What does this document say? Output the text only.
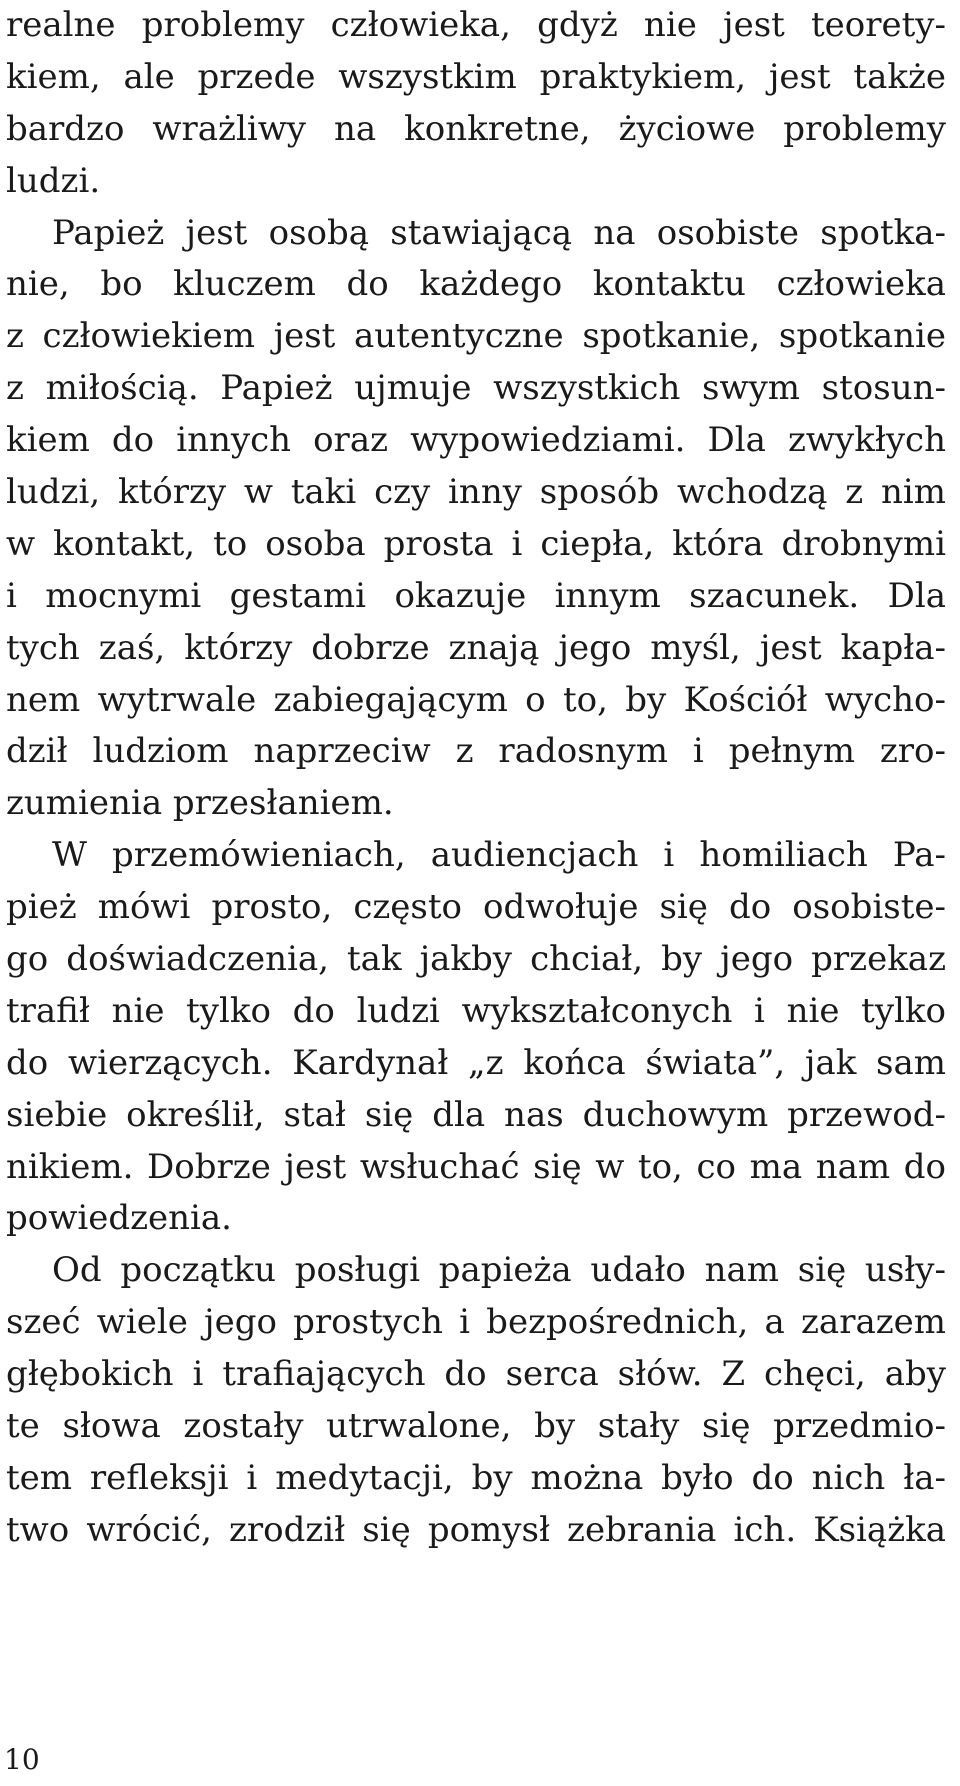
realne problemy człowieka, gdyż nie jest teorety-
kiem, ale przede wszystkim praktykiem, jest także
bardzo wrażliwy na konkretne, życiowe problemy
ludzi.
Papież jest osobą stawiającą na osobiste spotka-
nie, bo kluczem do każdego kontaktu człowieka
z człowiekiem jest autentyczne spotkanie, spotkanie
z miłością. Papież ujmuje wszystkich swym stosun-
kiem do innych oraz wypowiedziami. Dla zwykłych
ludzi, którzy w taki czy inny sposób wchodzą z nim
w kontakt, to osoba prosta i ciepła, która drobnymi
i mocnymi gestami okazuje innym szacunek. Dla
tych zaś, którzy dobrze znają jego myśl, jest kapła-
nem wytrwale zabiegającym o to, by Kościół wycho-
dził ludziom naprzeciw z radosnym i pełnym zro-
zumienia przesłaniem.
W przemówieniach, audiencjach i homiliach Pa-
pież mówi prosto, często odwołuje się do osobiste-
go doświadczenia, tak jakby chciał, by jego przekaz
trafił nie tylko do ludzi wykształconych i nie tylko
do wierzących. Kardynał „z końca świata”, jak sam
siebie określił, stał się dla nas duchowym przewod-
nikiem. Dobrze jest wsłuchać się w to, co ma nam do
powiedzenia.
Od początku posługi papieża udało nam się usły-
szeć wiele jego prostych i bezpośrednich, a zarazem
głębokich i trafiających do serca słów. Z chęci, aby
te słowa zostały utrwalone, by stały się przedmio-
tem refleksji i medytacji, by można było do nich ła-
two wrócić, zrodził się pomysł zebrania ich. Książka
10
